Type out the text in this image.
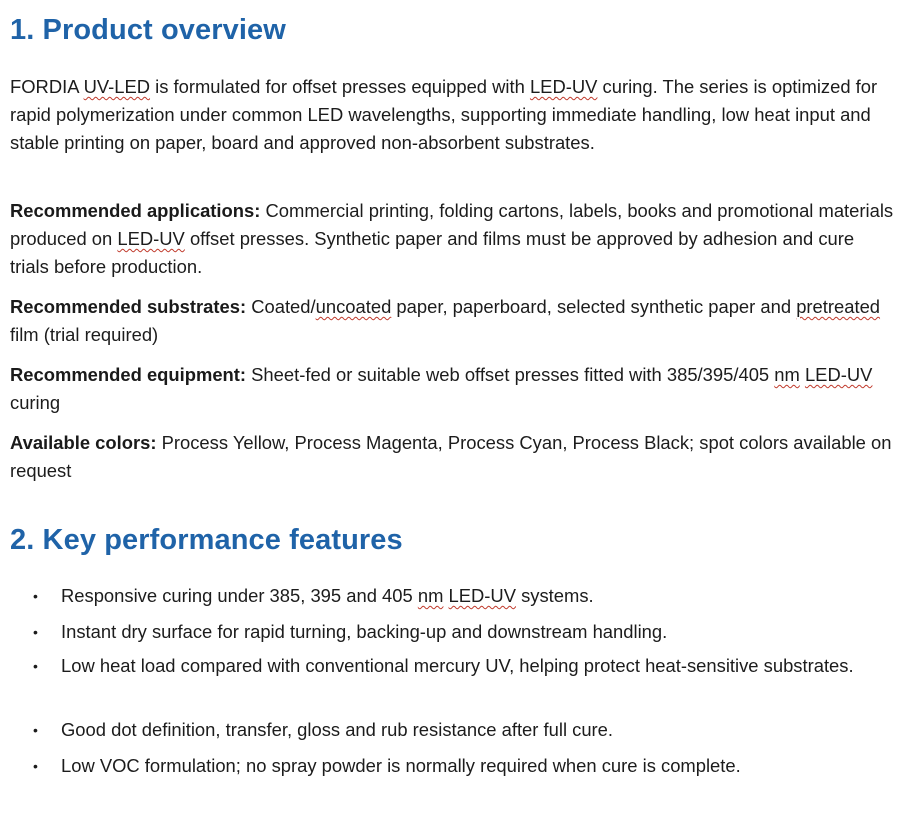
1. Product overview

FORDIA UV-LED is formulated for offset presses equipped with LED-UV curing. The series is optimized for rapid polymerization under common LED wavelengths, supporting immediate handling, low heat input and stable printing on paper, board and approved non-absorbent substrates.

Recommended applications: Commercial printing, folding cartons, labels, books and promotional materials produced on LED-UV offset presses. Synthetic paper and films must be approved by adhesion and cure trials before production.

Recommended substrates: Coated/uncoated paper, paperboard, selected synthetic paper and pretreated film (trial required)

Recommended equipment: Sheet-fed or suitable web offset presses fitted with 385/395/405 nm LED-UV curing

Available colors: Process Yellow, Process Magenta, Process Cyan, Process Black; spot colors available on request

2. Key performance features
•	Responsive curing under 385, 395 and 405 nm LED-UV systems.
•	Instant dry surface for rapid turning, backing-up and downstream handling.
•	Low heat load compared with conventional mercury UV, helping protect heat-sensitive substrates.
•	Good dot definition, transfer, gloss and rub resistance after full cure.
•	Low VOC formulation; no spray powder is normally required when cure is complete.
